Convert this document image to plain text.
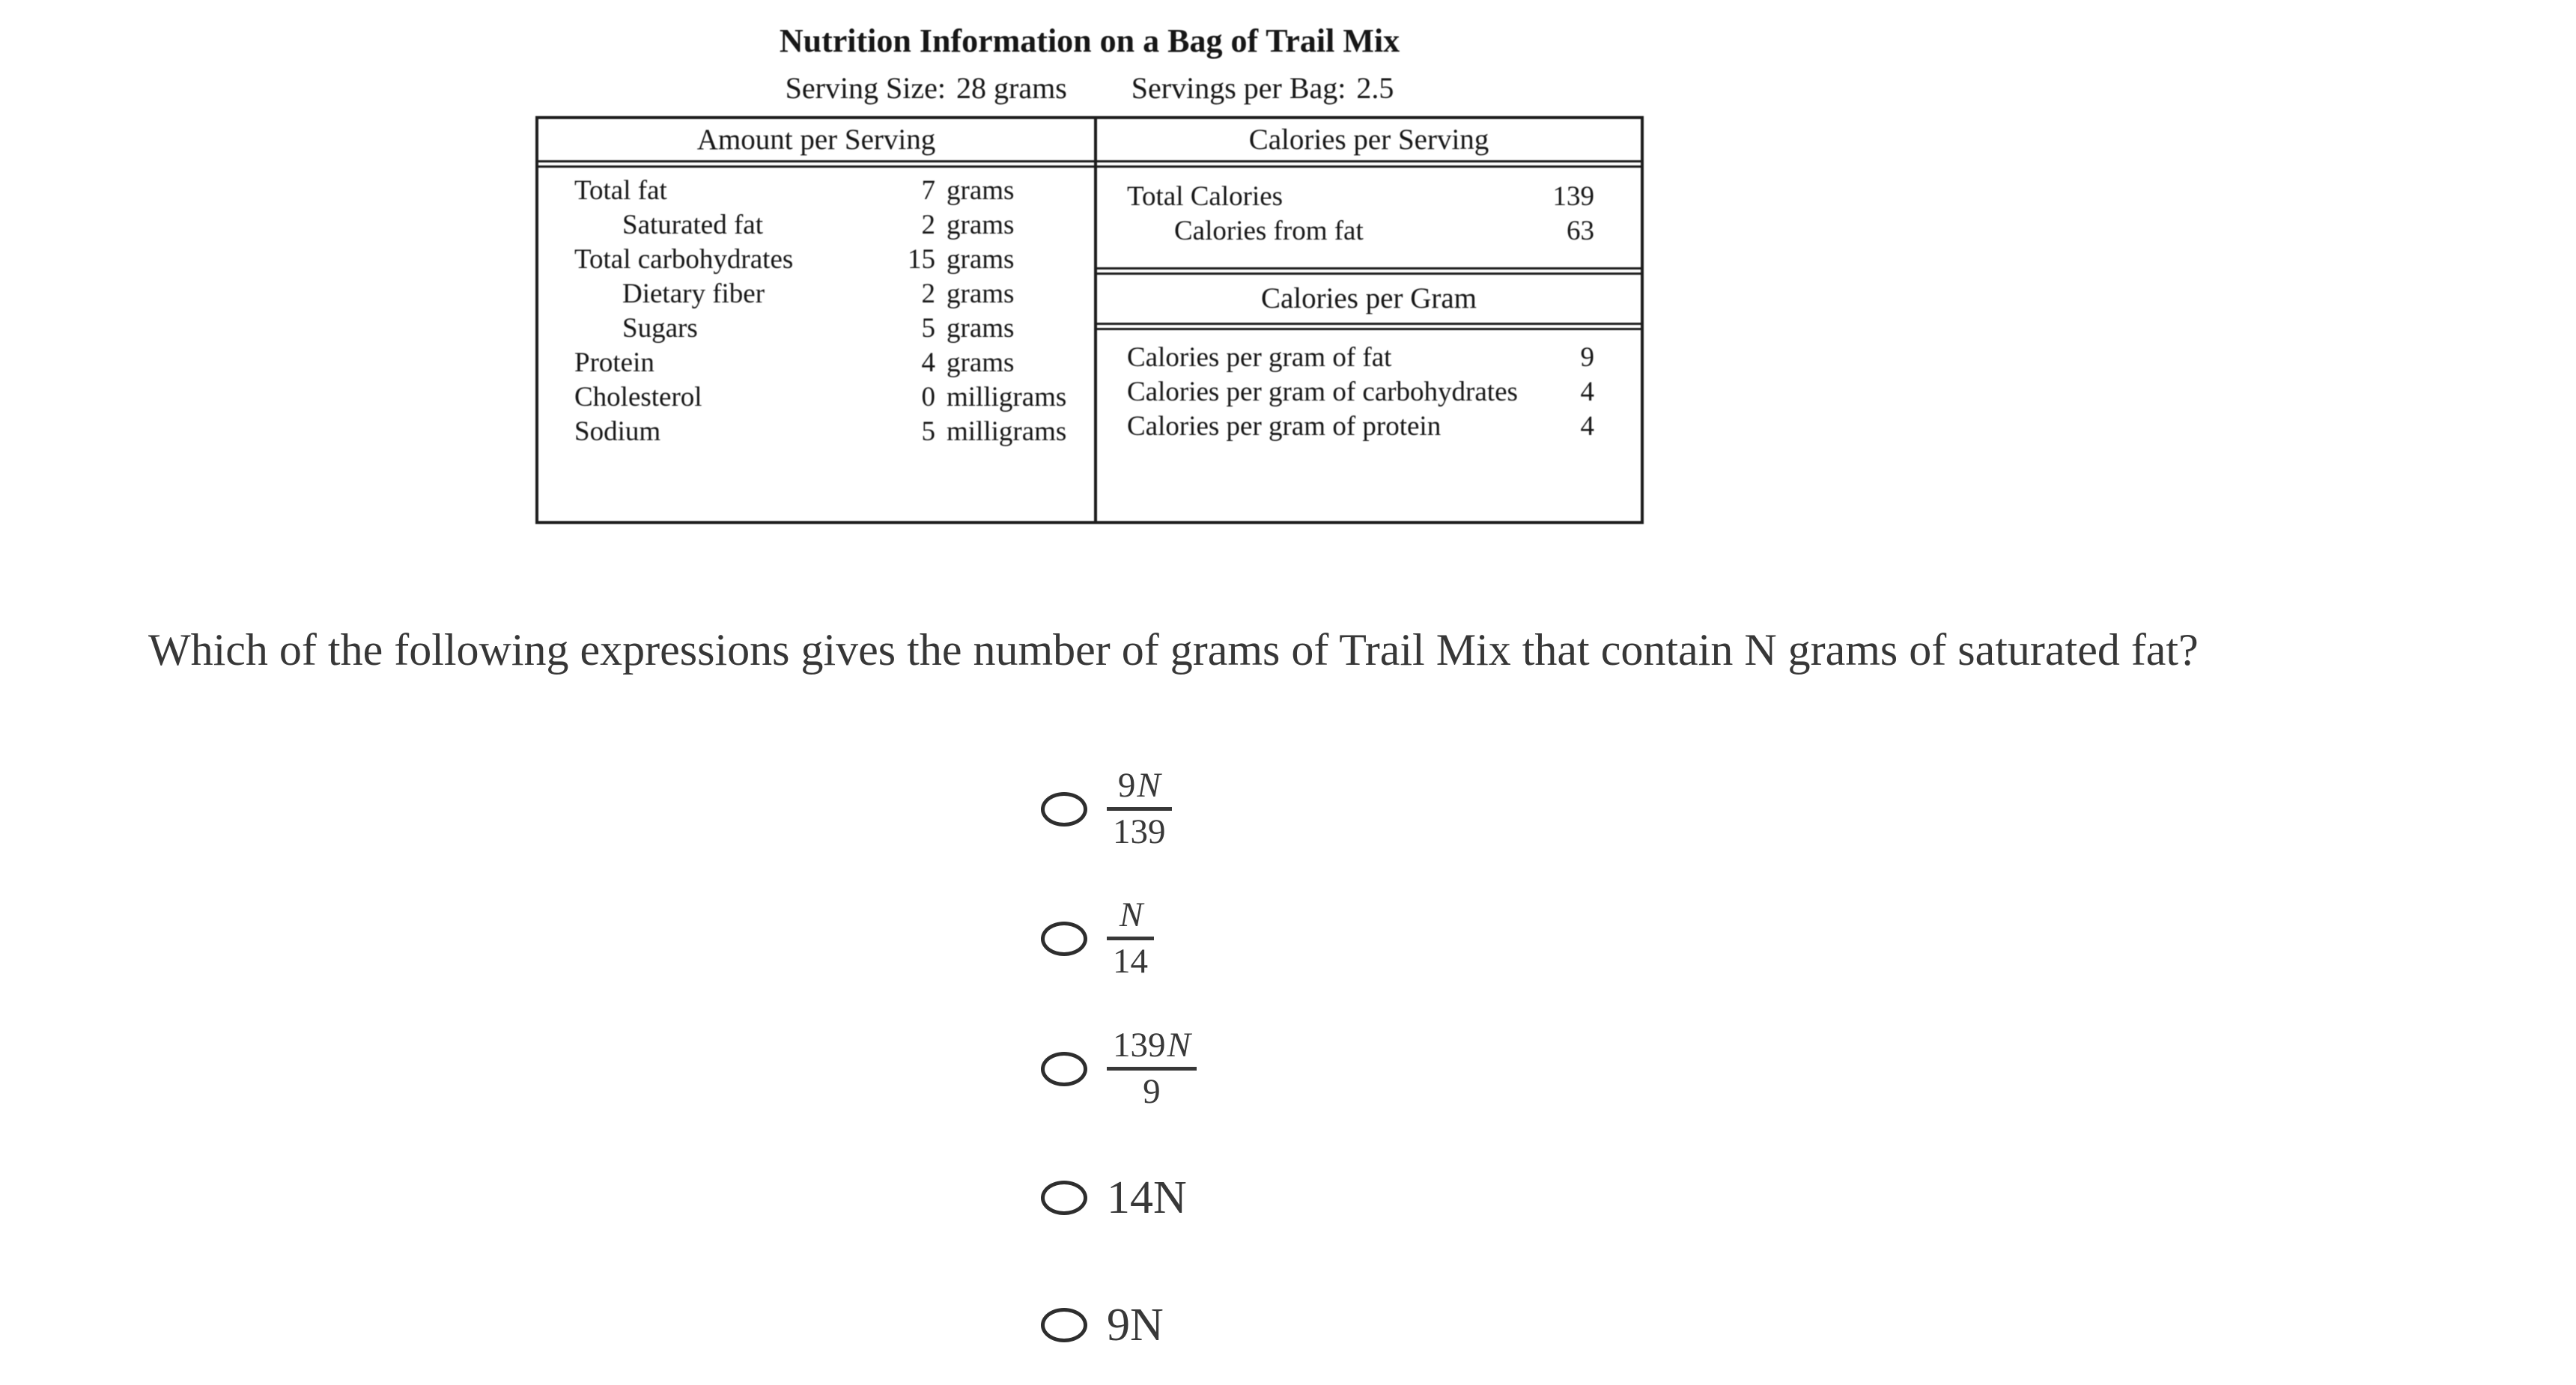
Nutrition Information on a Bag of Trail Mix
Serving Size: 28 grams Servings per Bag: 2.5
Amount per Serving
Total fat	7 grams
Saturated fat	2 grams
Total carbohydrates	15 grams
Dietary fiber	2 grams
Sugars	5 grams
Protein	4 grams
Cholesterol	0 milligrams
Sodium	5 milligrams
Calories per Serving
Total Calories	139
Calories from fat	63
Calories per Gram
Calories per gram of fat	9
Calories per gram of carbohydrates	4
Calories per gram of protein	4
Which of the following expressions gives the number of grams of Trail Mix that contain N grams of saturated fat?
9N
139
N
14
139N
9
14N
9N
